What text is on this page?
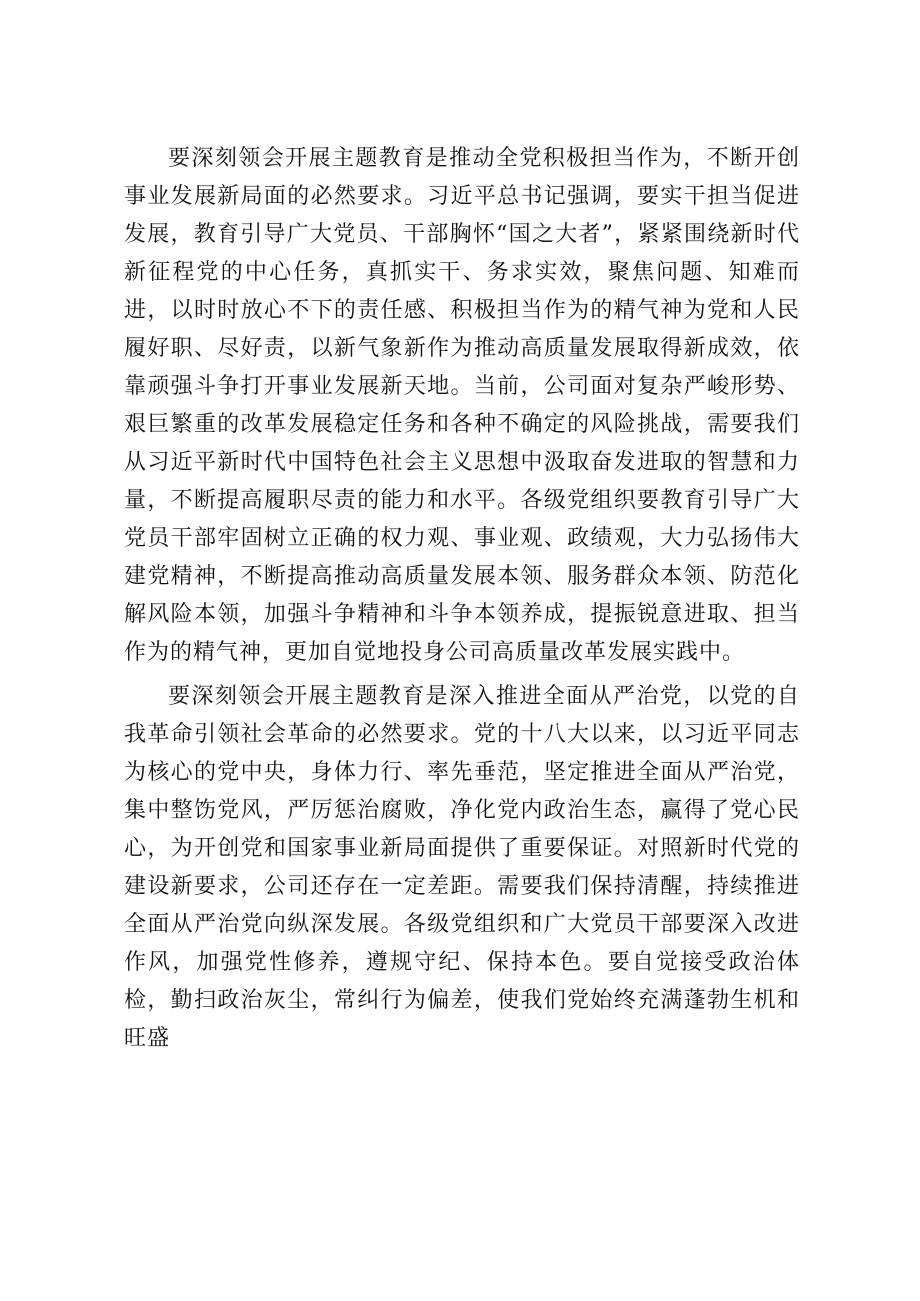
要深刻领会开展主题教育是推动全党积极担当作为，不断开创事业发展新局面的必然要求。习近平总书记强调，要实干担当促进发展，教育引导广大党员、干部胸怀“国之大者”，紧紧围绕新时代新征程党的中心任务，真抓实干、务求实效，聚焦问题、知难而进，以时时放心不下的责任感、积极担当作为的精气神为党和人民履好职、尽好责，以新气象新作为推动高质量发展取得新成效，依靠顽强斗争打开事业发展新天地。当前，公司面对复杂严峻形势、艰巨繁重的改革发展稳定任务和各种不确定的风险挑战，需要我们从习近平新时代中国特色社会主义思想中汲取奋发进取的智慧和力量，不断提高履职尽责的能力和水平。各级党组织要教育引导广大党员干部牢固树立正确的权力观、事业观、政绩观，大力弘扬伟大建党精神，不断提高推动高质量发展本领、服务群众本领、防范化解风险本领，加强斗争精神和斗争本领养成，提振锐意进取、担当作为的精气神，更加自觉地投身公司高质量改革发展实践中。

要深刻领会开展主题教育是深入推进全面从严治党，以党的自我革命引领社会革命的必然要求。党的十八大以来，以习近平同志为核心的党中央，身体力行、率先垂范，坚定推进全面从严治党，集中整饬党风，严厉惩治腐败，净化党内政治生态，赢得了党心民心，为开创党和国家事业新局面提供了重要保证。对照新时代党的建设新要求，公司还存在一定差距。需要我们保持清醒，持续推进全面从严治党向纵深发展。各级党组织和广大党员干部要深入改进作风，加强党性修养，遵规守纪、保持本色。要自觉接受政治体检，勤扫政治灰尘，常纠行为偏差，使我们党始终充满蓬勃生机和旺盛
